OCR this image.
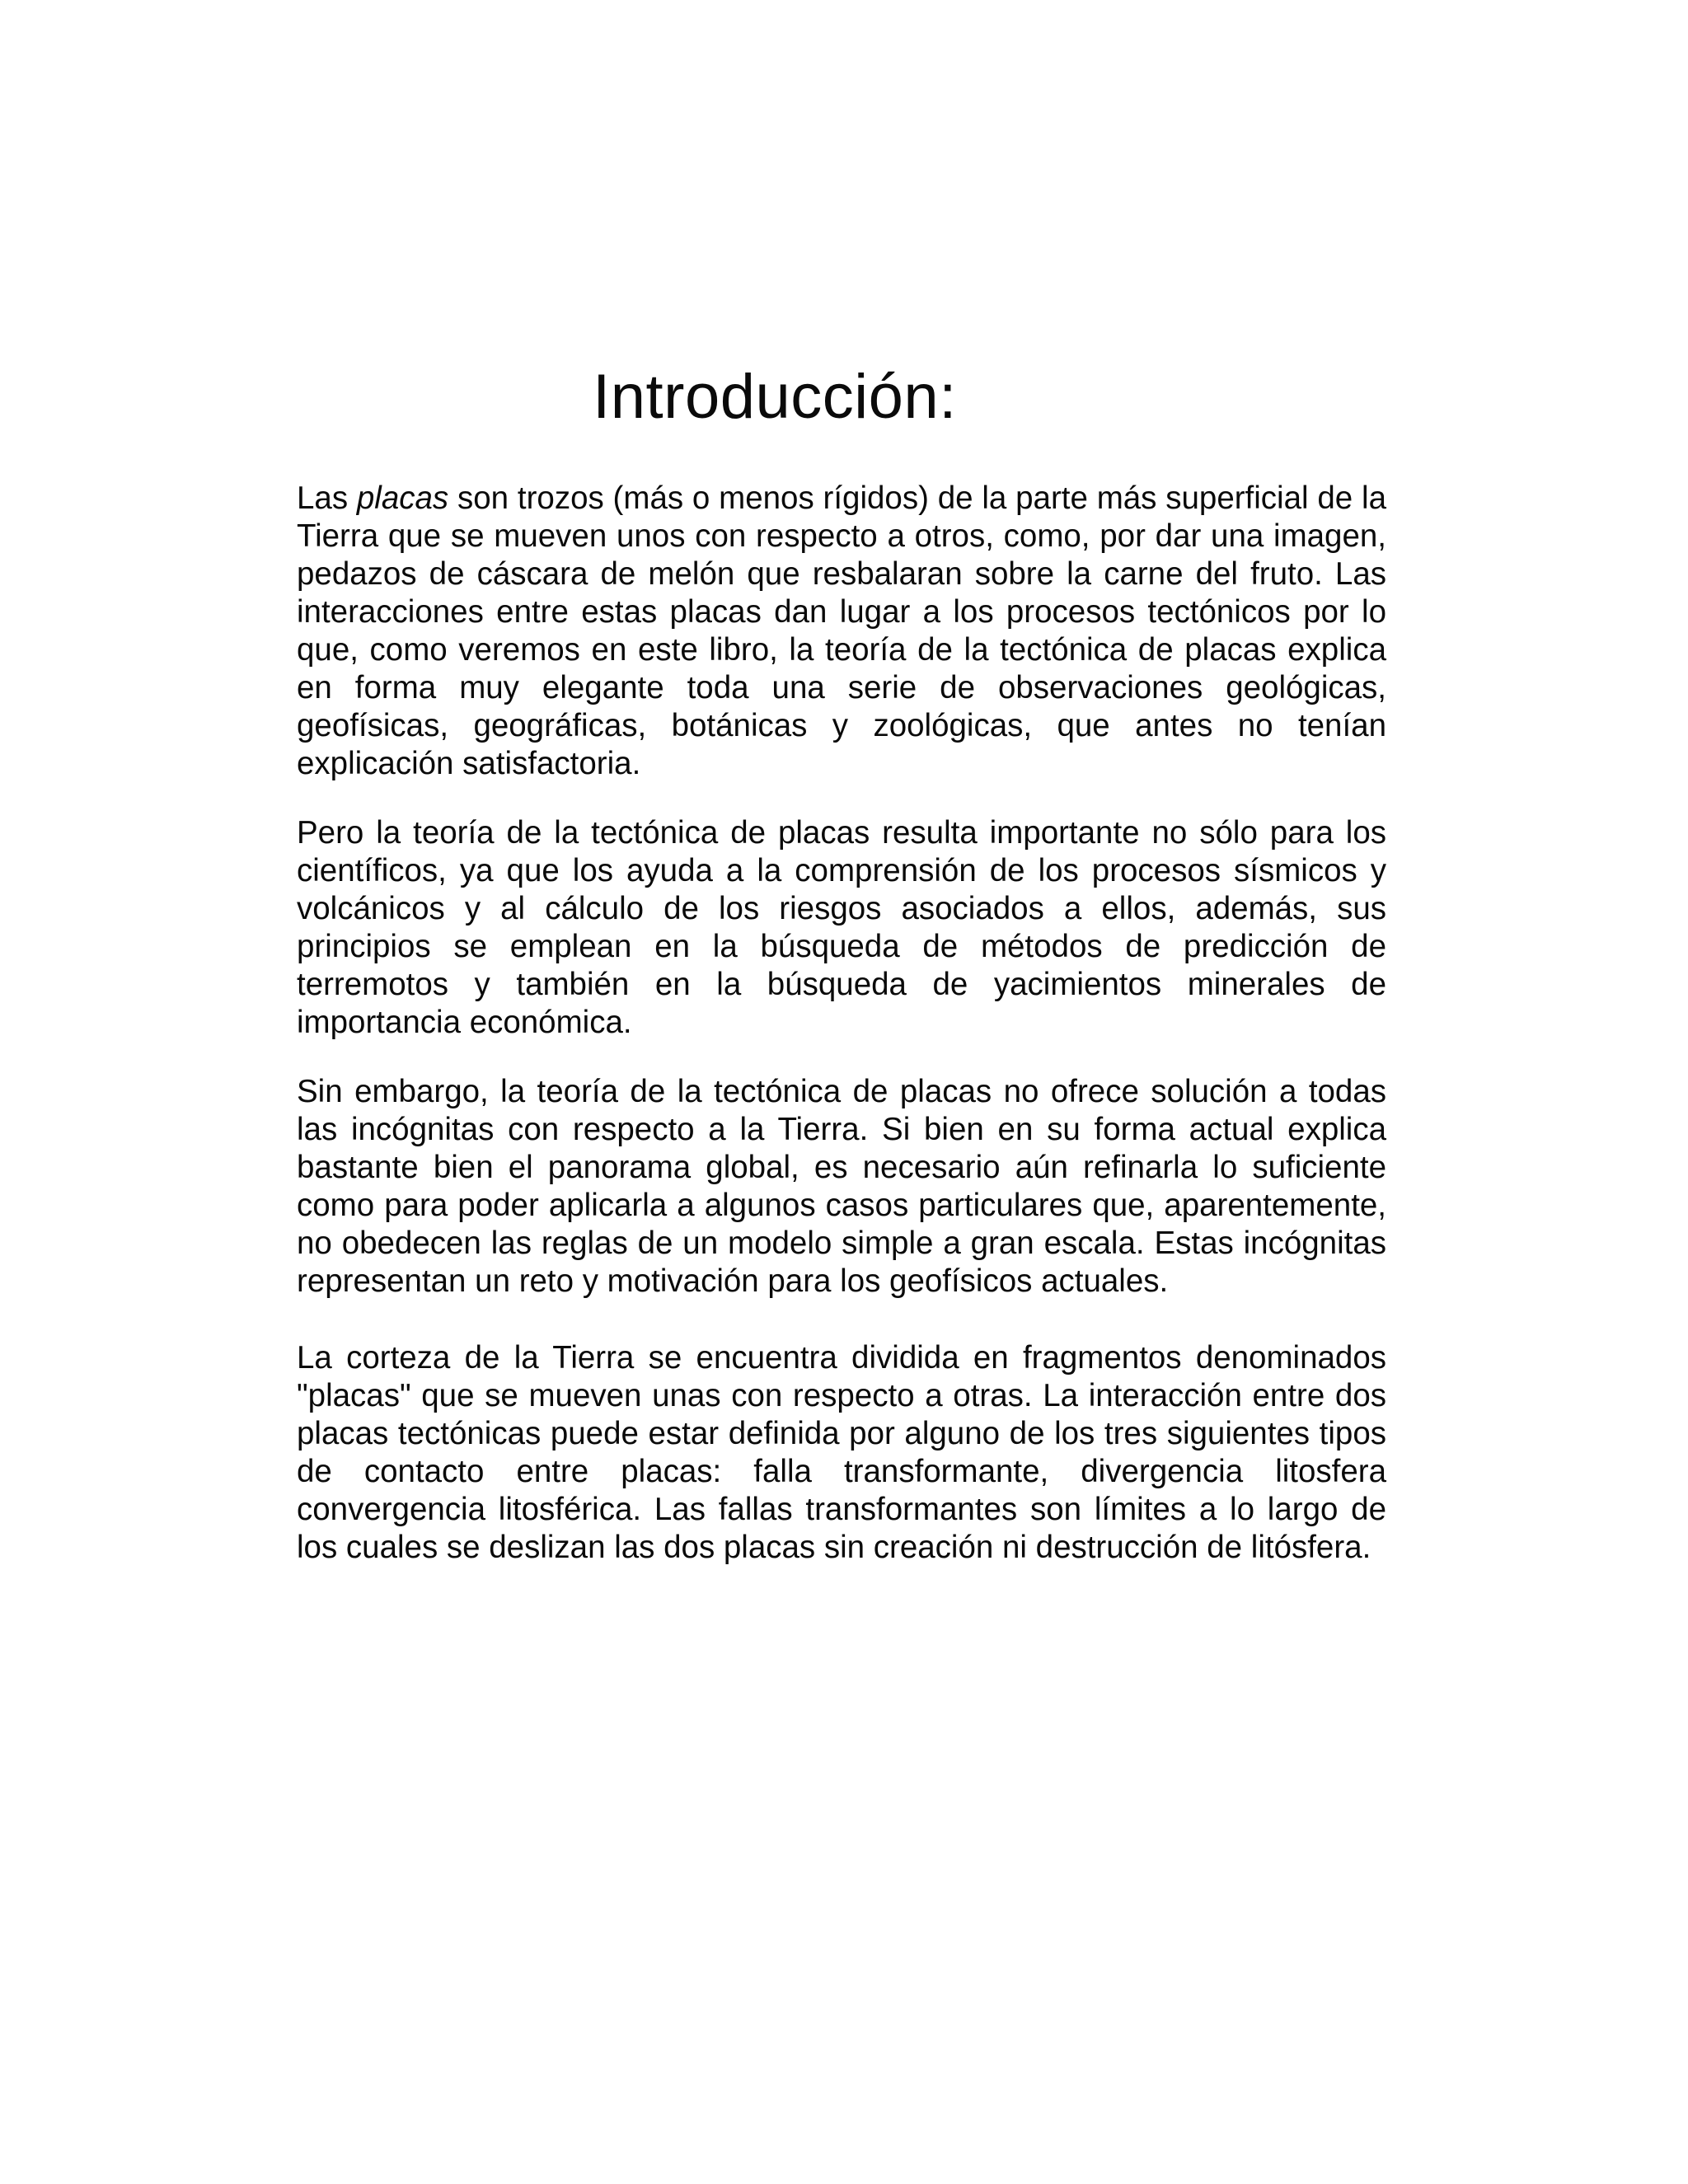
Introducción:

Las placas son trozos (más o menos rígidos) de la parte más superficial de la Tierra que se mueven unos con respecto a otros, como, por dar una imagen, pedazos de cáscara de melón que resbalaran sobre la carne del fruto. Las interacciones entre estas placas dan lugar a los procesos tectónicos por lo que, como veremos en este libro, la teoría de la tectónica de placas explica en forma muy elegante toda una serie de observaciones geológicas, geofísicas, geográficas, botánicas y zoológicas, que antes no tenían explicación satisfactoria.

Pero la teoría de la tectónica de placas resulta importante no sólo para los científicos, ya que los ayuda a la comprensión de los procesos sísmicos y volcánicos y al cálculo de los riesgos asociados a ellos, además, sus principios se emplean en la búsqueda de métodos de predicción de terremotos y también en la búsqueda de yacimientos minerales de importancia económica.

Sin embargo, la teoría de la tectónica de placas no ofrece solución a todas las incógnitas con respecto a la Tierra. Si bien en su forma actual explica bastante bien el panorama global, es necesario aún refinarla lo suficiente como para poder aplicarla a algunos casos particulares que, aparentemente, no obedecen las reglas de un modelo simple a gran escala. Estas incógnitas representan un reto y motivación para los geofísicos actuales.

La corteza de la Tierra se encuentra dividida en fragmentos denominados "placas" que se mueven unas con respecto a otras. La interacción entre dos placas tectónicas puede estar definida por alguno de los tres siguientes tipos de contacto entre placas: falla transformante, divergencia litosfera convergencia litosférica. Las fallas transformantes son límites a lo largo de los cuales se deslizan las dos placas sin creación ni destrucción de litósfera.
